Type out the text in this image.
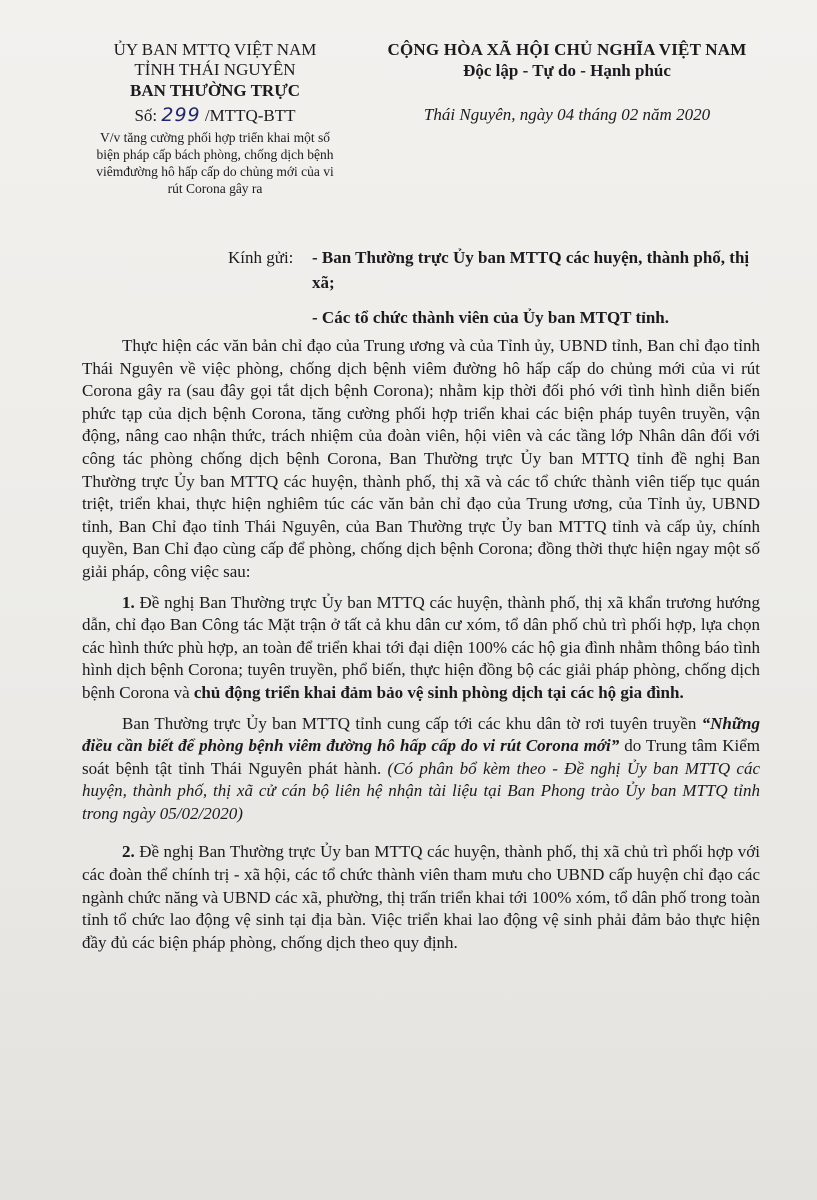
ỦY BAN MTTQ VIỆT NAM
TỈNH THÁI NGUYÊN
BAN THƯỜNG TRỰC
Số: 299 /MTTQ-BTT
V/v tăng cường phối hợp triển khai một số biện pháp cấp bách phòng, chống dịch bệnh viêmđường hô hấp cấp do chủng mới của vi rút Corona gây ra
CỘNG HÒA XÃ HỘI CHỦ NGHĨA VIỆT NAM
Độc lập - Tự do - Hạnh phúc
Thái Nguyên, ngày 04 tháng 02 năm 2020
Kính gửi: - Ban Thường trực Ủy ban MTTQ các huyện, thành phố, thị xã;
- Các tổ chức thành viên của Ủy ban MTQT tỉnh.

Thực hiện các văn bản chỉ đạo của Trung ương và của Tỉnh ủy, UBND tỉnh, Ban chỉ đạo tỉnh Thái Nguyên về việc phòng, chống dịch bệnh viêm đường hô hấp cấp do chủng mới của vi rút Corona gây ra (sau đây gọi tắt dịch bệnh Corona); nhằm kịp thời đối phó với tình hình diễn biến phức tạp của dịch bệnh Corona, tăng cường phối hợp triển khai các biện pháp tuyên truyền, vận động, nâng cao nhận thức, trách nhiệm của đoàn viên, hội viên và các tầng lớp Nhân dân đối với công tác phòng chống dịch bệnh Corona, Ban Thường trực Ủy ban MTTQ tỉnh đề nghị Ban Thường trực Ủy ban MTTQ các huyện, thành phố, thị xã và các tổ chức thành viên tiếp tục quán triệt, triển khai, thực hiện nghiêm túc các văn bản chỉ đạo của Trung ương, của Tỉnh ủy, UBND tỉnh, Ban Chỉ đạo tỉnh Thái Nguyên, của Ban Thường trực Ủy ban MTTQ tỉnh và cấp ủy, chính quyền, Ban Chỉ đạo cùng cấp để phòng, chống dịch bệnh Corona; đồng thời thực hiện ngay một số giải pháp, công việc sau:

1. Đề nghị Ban Thường trực Ủy ban MTTQ các huyện, thành phố, thị xã khẩn trương hướng dẫn, chỉ đạo Ban Công tác Mặt trận ở tất cả khu dân cư xóm, tổ dân phố chủ trì phối hợp, lựa chọn các hình thức phù hợp, an toàn để triển khai tới đại diện 100% các hộ gia đình nhằm thông báo tình hình dịch bệnh Corona; tuyên truyền, phổ biến, thực hiện đồng bộ các giải pháp phòng, chống dịch bệnh Corona và chủ động triển khai đảm bảo vệ sinh phòng dịch tại các hộ gia đình.

Ban Thường trực Ủy ban MTTQ tỉnh cung cấp tới các khu dân tờ rơi tuyên truyền “Những điều cần biết để phòng bệnh viêm đường hô hấp cấp do vi rút Corona mới” do Trung tâm Kiểm soát bệnh tật tỉnh Thái Nguyên phát hành. (Có phân bổ kèm theo - Đề nghị Ủy ban MTTQ các huyện, thành phố, thị xã cử cán bộ liên hệ nhận tài liệu tại Ban Phong trào Ủy ban MTTQ tỉnh trong ngày 05/02/2020)

2. Đề nghị Ban Thường trực Ủy ban MTTQ các huyện, thành phố, thị xã chủ trì phối hợp với các đoàn thể chính trị - xã hội, các tổ chức thành viên tham mưu cho UBND cấp huyện chỉ đạo các ngành chức năng và UBND các xã, phường, thị trấn triển khai tới 100% xóm, tổ dân phố trong toàn tỉnh tổ chức lao động vệ sinh tại địa bàn. Việc triển khai lao động vệ sinh phải đảm bảo thực hiện đầy đủ các biện pháp phòng, chống dịch theo quy định.
